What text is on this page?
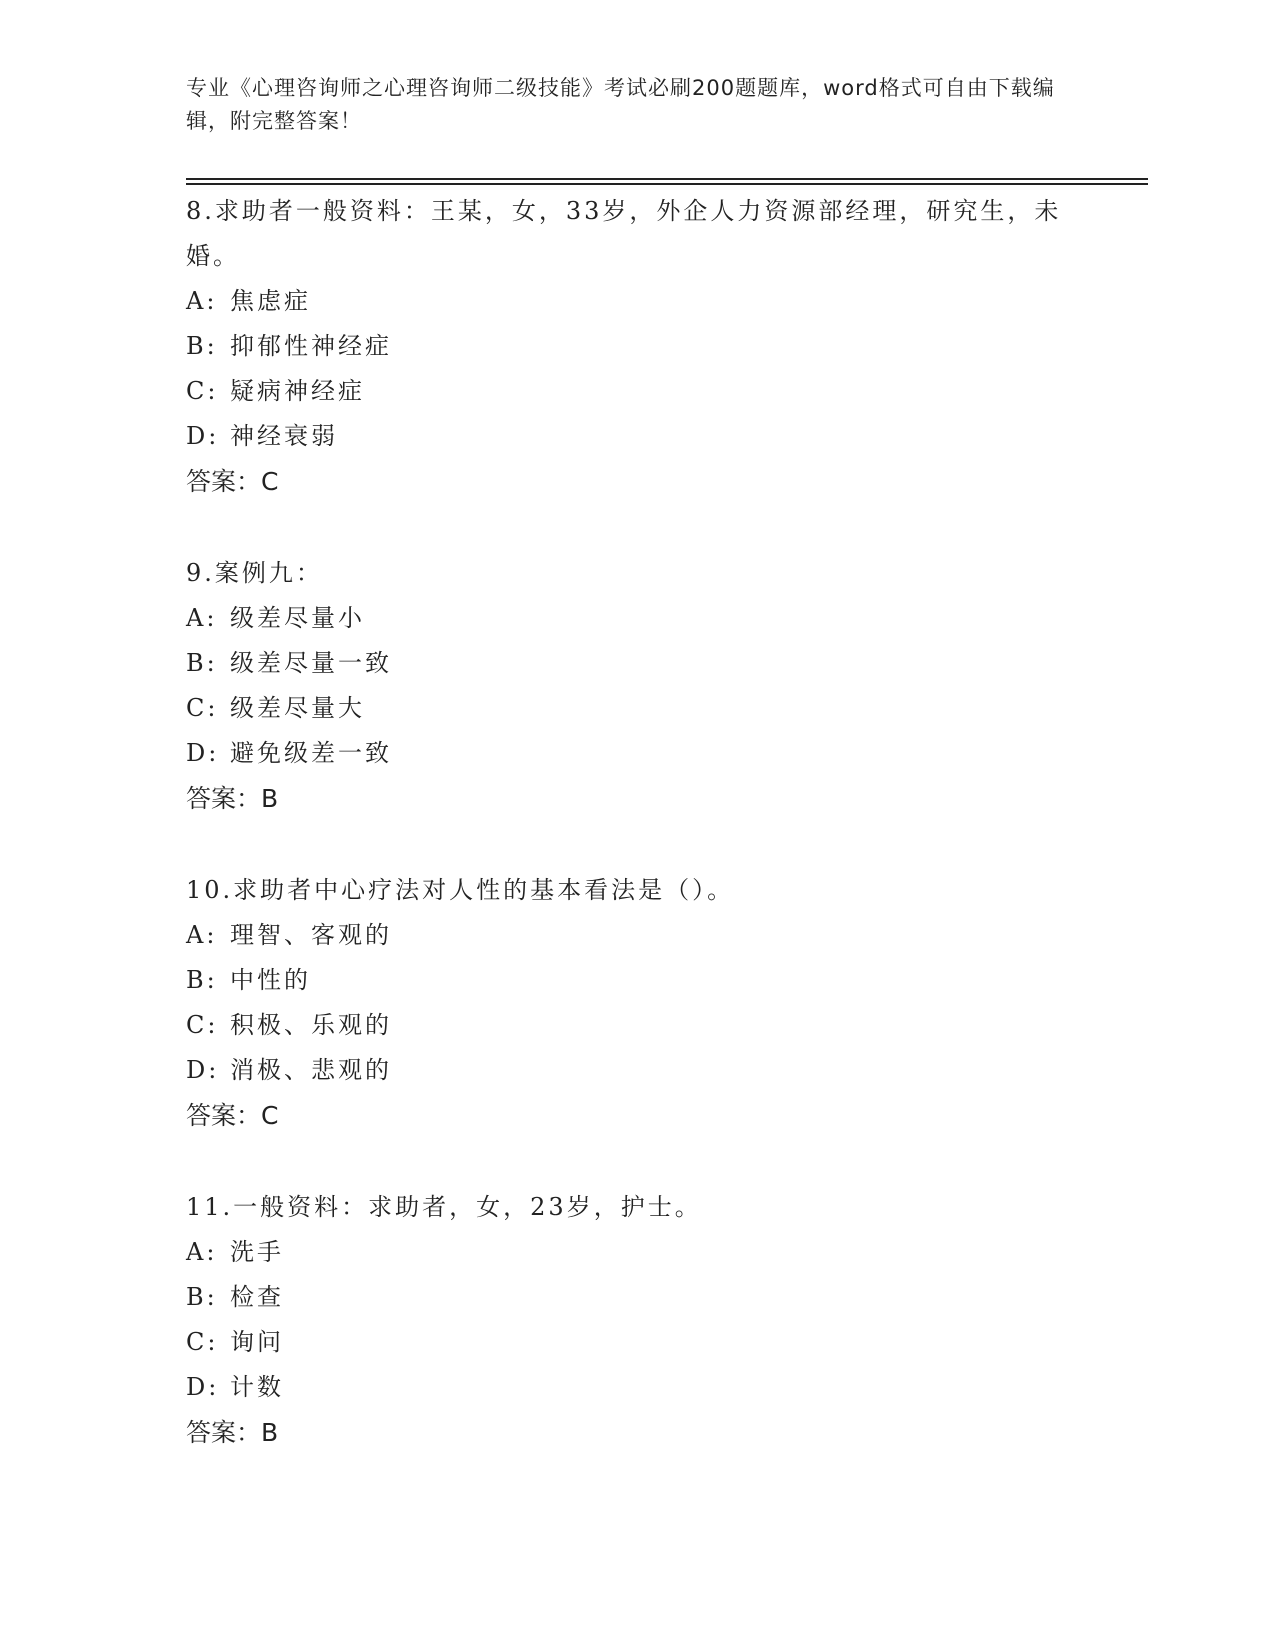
专业《心理咨询师之心理咨询师二级技能》考试必刷200题题库，word格式可自由下载编辑，附完整答案！

8.求助者一般资料：王某，女，33岁，外企人力资源部经理，研究生，未婚。

A: 焦虑症

B: 抑郁性神经症

C: 疑病神经症

D: 神经衰弱

答案：C

9.案例九：

A: 级差尽量小

B: 级差尽量一致

C: 级差尽量大

D: 避免级差一致

答案：B

10.求助者中心疗法对人性的基本看法是（）。

A: 理智、客观的

B: 中性的

C: 积极、乐观的

D: 消极、悲观的

答案：C

11.一般资料：求助者，女，23岁，护士。

A: 洗手

B: 检查

C: 询问

D: 计数

答案：B
